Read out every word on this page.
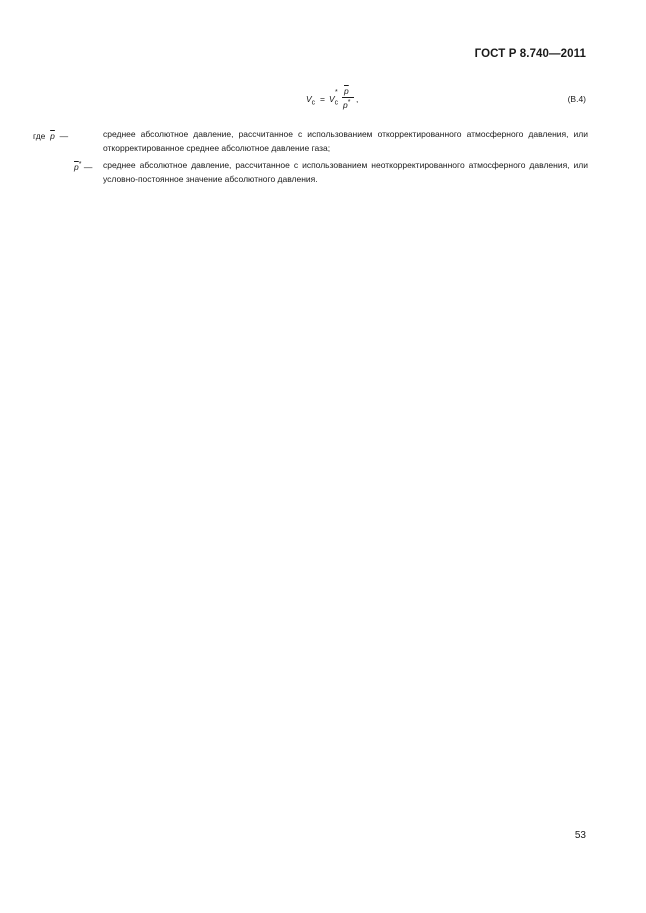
ГОСТ Р 8.740—2011
$V_c = V_c$
* $\overline{p}$
p* ,	(В.4)
где $\overline{p}$ —	среднее абсолютное давление, рассчитанное с использованием откорректированного атмосферного давления, или откорректированное среднее абсолютное давление газа;
$\overline{p}^*$ — среднее абсолютное давление, рассчитанное с использованием неоткорректированного атмосферного давления, или условно-постоянное значение абсолютного давления.
53
